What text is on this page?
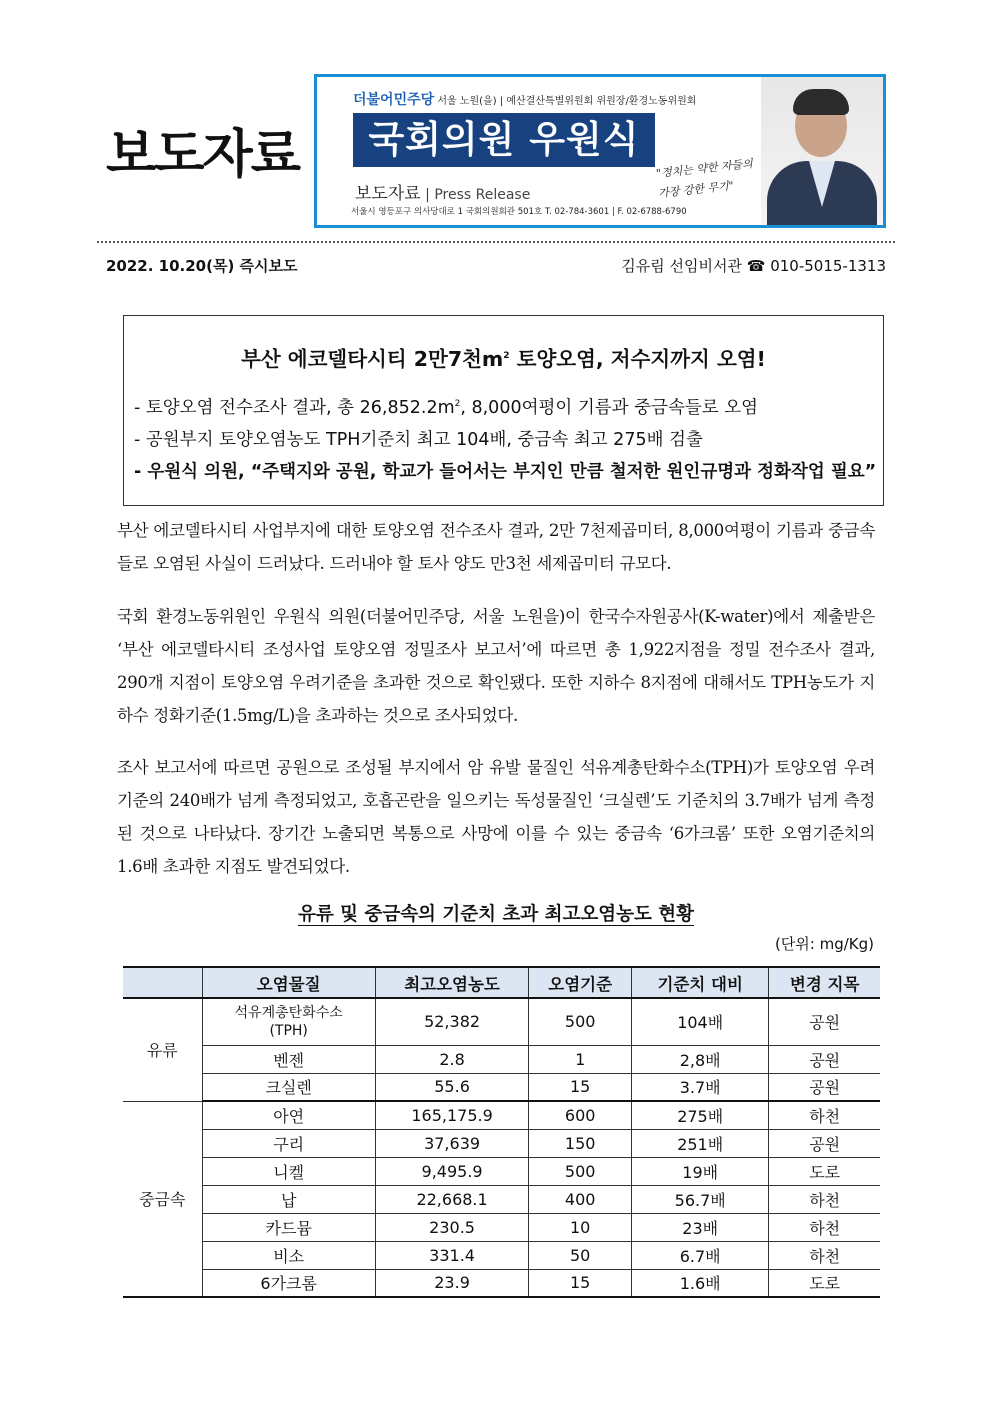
보도자료
더불어민주당 서울 노원(을) | 예산결산특별위원회 위원장/환경노동위원회
국회의원 우원식
보도자료 | Press Release
서울시 영등포구 의사당대로 1 국회의원회관 501호 T. 02-784-3601 | F. 02-6788-6790
"정치는 약한 자들의
가장 강한 무기"
2022. 10.20(목) 즉시보도	김유림 선임비서관 ☎ 010-5015-1313
부산 에코델타시티 2만7천$m^2$ 토양오염, 저수지까지 오염!
- 토양오염 전수조사 결과, 총 $26,852.2m^2$, 8,000여평이 기름과 중금속들로 오염
- 공원부지 토양오염농도 TPH기준치 최고 104배, 중금속 최고 275배 검출
- 우원식 의원, “주택지와 공원, 학교가 들어서는 부지인 만큼 철저한 원인규명과 정화작업 필요”

부산 에코델타시티 사업부지에 대한 토양오염 전수조사 결과, 2만 7천제곱미터, 8,000여평이 기름과 중금속들로 오염된 사실이 드러났다. 드러내야 할 토사 양도 만3천 세제곱미터 규모다.

국회 환경노동위원인 우원식 의원(더불어민주당, 서울 노원을)이 한국수자원공사(K-water)에서 제출받은 ‘부산 에코델타시티 조성사업 토양오염 정밀조사 보고서’에 따르면 총 1,922지점을 정밀 전수조사 결과, 290개 지점이 토양오염 우려기준을 초과한 것으로 확인됐다. 또한 지하수 8지점에 대해서도 TPH농도가 지하수 정화기준(1.5mg/L)을 초과하는 것으로 조사되었다.

조사 보고서에 따르면 공원으로 조성될 부지에서 암 유발 물질인 석유계총탄화수소(TPH)가 토양오염 우려기준의 240배가 넘게 측정되었고, 호흡곤란을 일으키는 독성물질인 ‘크실렌’도 기준치의 3.7배가 넘게 측정된 것으로 나타났다. 장기간 노출되면 복통으로 사망에 이를 수 있는 중금속 ‘6가크롬’ 또한 오염기준치의 1.6배 초과한 지점도 발견되었다.

유류 및 중금속의 기준치 초과 최고오염농도 현황
(단위: mg/Kg)
	오염물질	최고오염농도	오염기준	기준치 대비	변경 지목
유류	석유계총탄화수소
(TPH)	52,382	500	104배	공원
	벤젠	2.8	1	2,8배	공원
	크실렌	55.6	15	3.7배	공원
중금속	아연	165,175.9	600	275배	하천
	구리	37,639	150	251배	공원
	니켈	9,495.9	500	19배	도로
	납	22,668.1	400	56.7배	하천
	카드뮴	230.5	10	23배	하천
	비소	331.4	50	6.7배	하천
	6가크롬	23.9	15	1.6배	도로
